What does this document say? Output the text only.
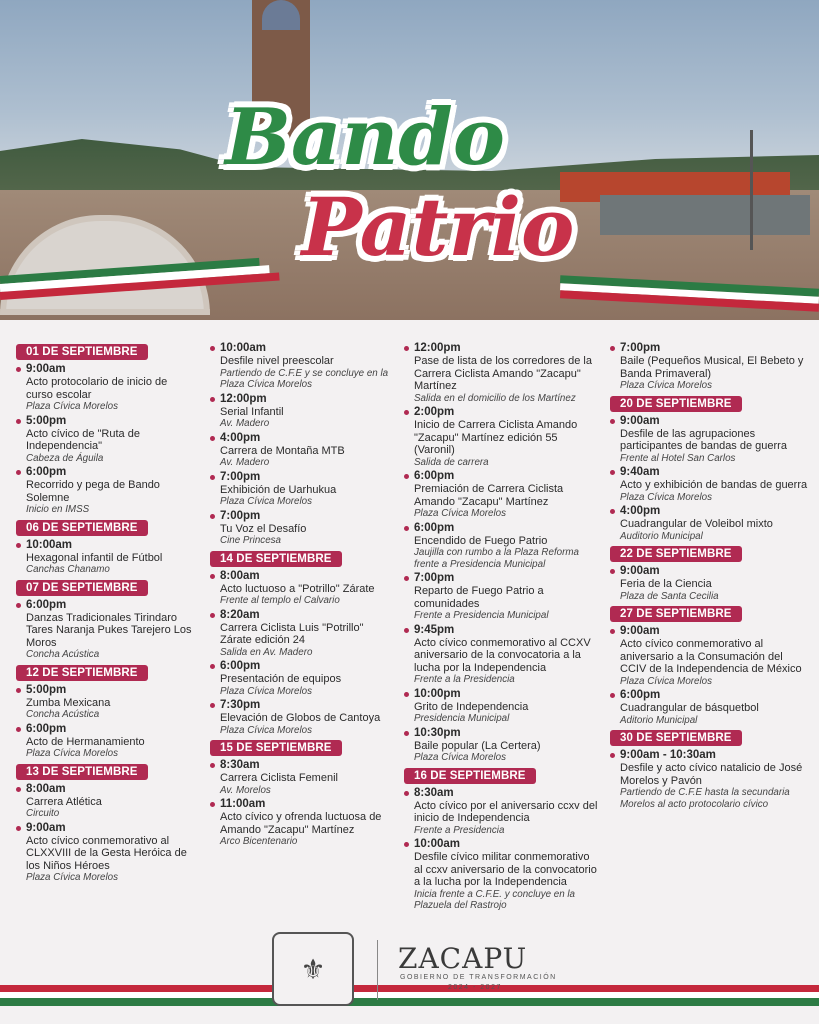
Bando
Patrio
01 DE SEPTIEMBRE
9:00am
Acto protocolario de inicio de curso escolar
Plaza Cívica Morelos
5:00pm
Acto cívico de "Ruta de Independencia"
Cabeza de Águila
6:00pm
Recorrido y pega de Bando Solemne
Inicio en IMSS
06 DE SEPTIEMBRE
10:00am
Hexagonal infantil de Fútbol
Canchas Chanamo
07 DE SEPTIEMBRE
6:00pm
Danzas Tradicionales Tirindaro Tares Naranja Pukes Tarejero Los Moros
Concha Acústica
12 DE SEPTIEMBRE
5:00pm
Zumba Mexicana
Concha Acústica
6:00pm
Acto de Hermanamiento
Plaza Cívica Morelos
13 DE SEPTIEMBRE
8:00am
Carrera Atlética
Circuito
9:00am
Acto cívico conmemorativo al CLXXVIII de la Gesta Heróica de los Niños Héroes
Plaza Cívica Morelos
10:00am
Desfile nivel preescolar
Partiendo de C.F.E y se concluye en la Plaza Cívica Morelos
12:00pm
Serial Infantil
Av. Madero
4:00pm
Carrera de Montaña MTB
Av. Madero
7:00pm
Exhibición de Uarhukua
Plaza Cívica Morelos
7:00pm
Tu Voz el Desafío
Cine Princesa
14 DE SEPTIEMBRE
8:00am
Acto luctuoso a "Potrillo" Zárate
Frente al templo el Calvario
8:20am
Carrera Ciclista Luis "Potrillo" Zárate edición 24
Salida en Av. Madero
6:00pm
Presentación de equipos
Plaza Cívica Morelos
7:30pm
Elevación de Globos de Cantoya
Plaza Cívica Morelos
15 DE SEPTIEMBRE
8:30am
Carrera Ciclista Femenil
Av. Morelos
11:00am
Acto cívico y ofrenda luctuosa de Amando "Zacapu" Martínez
Arco Bicentenario
12:00pm
Pase de lista de los corredores de la Carrera Ciclista Amando "Zacapu" Martínez
Salida en el domicilio de los Martínez
2:00pm
Inicio de Carrera Ciclista Amando "Zacapu" Martínez edición 55 (Varonil)
Salida de carrera
6:00pm
Premiación de Carrera Ciclista Amando "Zacapu" Martínez
Plaza Cívica Morelos
6:00pm
Encendido de Fuego Patrio
Jaujilla con rumbo a la Plaza Reforma frente a Presidencia Municipal
7:00pm
Reparto de Fuego Patrio a comunidades
Frente a Presidencia Municipal
9:45pm
Acto cívico conmemorativo al CCXV aniversario de la convocatoria a la lucha por la Independencia
Frente a la Presidencia
10:00pm
Grito de Independencia
Presidencia Municipal
10:30pm
Baile popular (La Certera)
Plaza Cívica Morelos
16 DE SEPTIEMBRE
8:30am
Acto cívico por el aniversario ccxv del inicio de Independencia
Frente a Presidencia
10:00am
Desfile cívico militar conmemorativo al ccxv aniversario de la convocatorio a la lucha por la Independencia
Inicia frente a C.F.E. y concluye en la Plazuela del Rastrojo
7:00pm
Baile (Pequeños Musical, El Bebeto y Banda Primaveral)
Plaza Cívica Morelos
20 DE SEPTIEMBRE
9:00am
Desfile de las agrupaciones participantes de bandas de guerra
Frente al Hotel San Carlos
9:40am
Acto y exhibición de bandas de guerra
Plaza Cívica Morelos
4:00pm
Cuadrangular de Voleibol mixto
Auditorio Municipal
22 DE SEPTIEMBRE
9:00am
Feria de la Ciencia
Plaza de Santa Cecilia
27 DE SEPTIEMBRE
9:00am
Acto cívico conmemorativo al aniversario a la Consumación del CCIV de la Independencia de México
Plaza Cívica Morelos
6:00pm
Cuadrangular de básquetbol
Aditorio Municipal
30 DE SEPTIEMBRE
9:00am - 10:30am
Desfile y acto cívico natalicio de José Morelos y Pavón
Partiendo de C.F.E hasta la secundaria Morelos al acto protocolario cívico
⚜	ZACAPU
GOBIERNO DE TRANSFORMACIÓN
2024 - 2027
